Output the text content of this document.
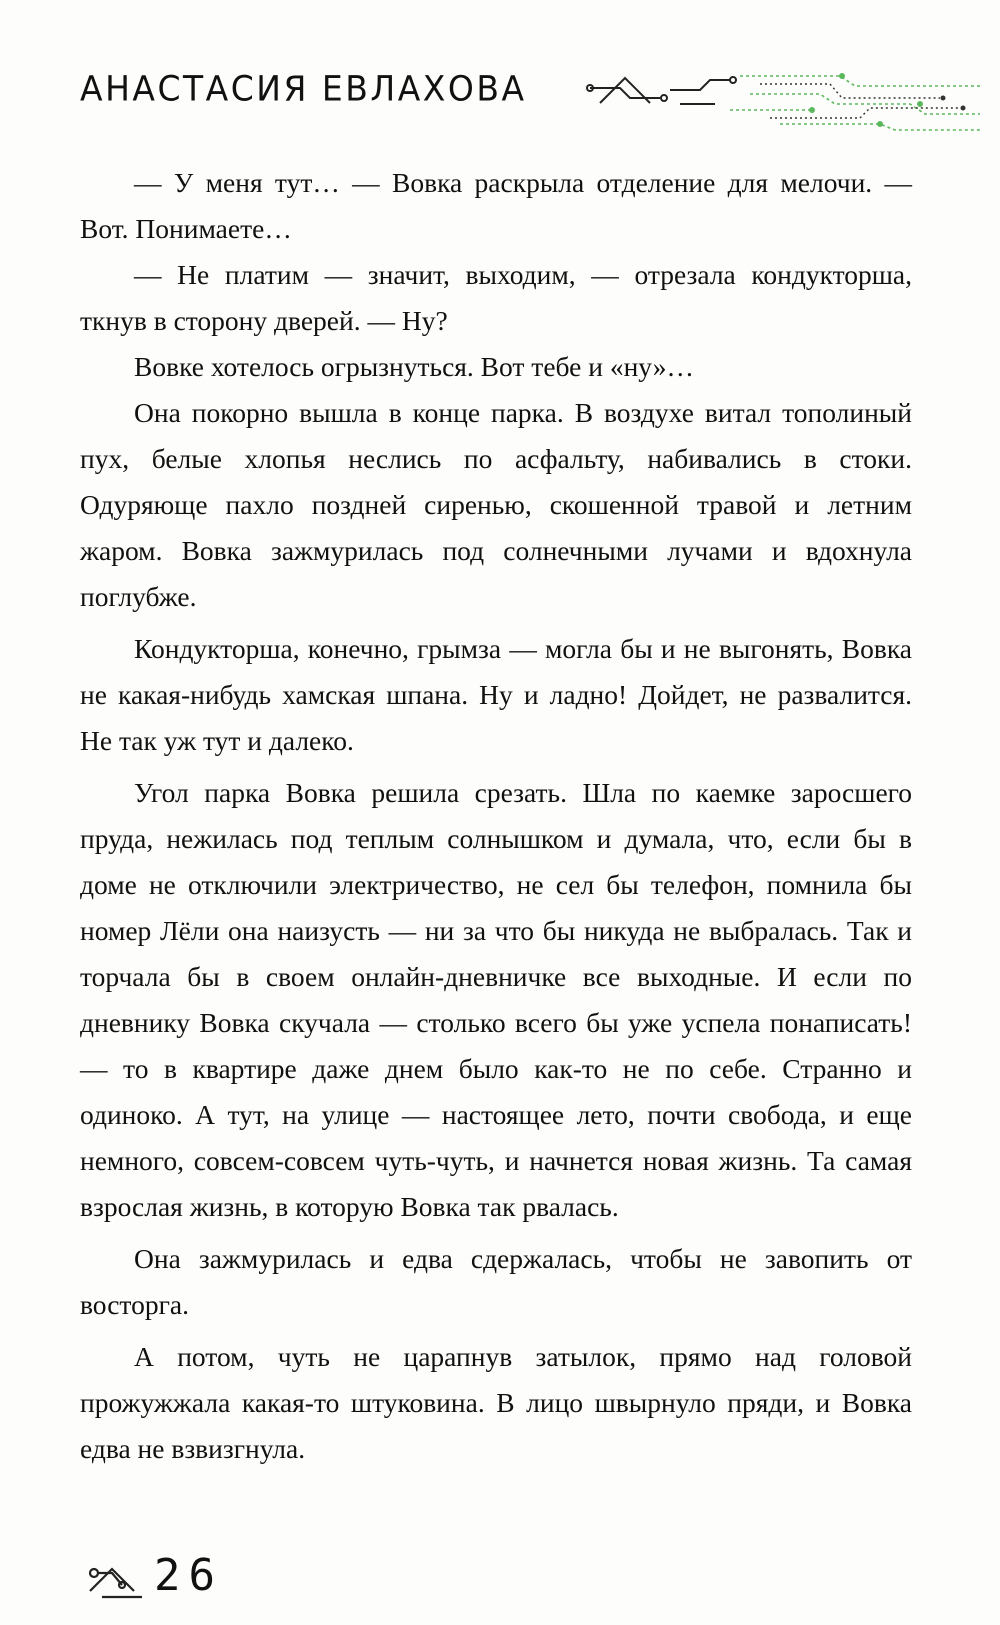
АНАСТАСИЯ ЕВЛАХОВА

— У меня тут… — Вовка раскрыла отделение для мелочи. — Вот. Понимаете…

— Не платим — значит, выходим, — отрезала кондукторша, ткнув в сторону дверей. — Ну?

Вовке хотелось огрызнуться. Вот тебе и «ну»…

Она покорно вышла в конце парка. В воздухе витал тополиный пух, белые хлопья неслись по асфальту, набивались в стоки. Одуряюще пахло поздней сиренью, скошенной травой и летним жаром. Вовка зажмурилась под солнечными лучами и вдохнула поглубже.

Кондукторша, конечно, грымза — могла бы и не выгонять, Вовка не какая-нибудь хамская шпана. Ну и ладно! Дойдет, не развалится. Не так уж тут и далеко.

Угол парка Вовка решила срезать. Шла по каемке заросшего пруда, нежилась под теплым солнышком и думала, что, если бы в доме не отключили электричество, не сел бы телефон, помнила бы номер Лёли она наизусть — ни за что бы никуда не выбралась. Так и торчала бы в своем онлайн-дневничке все выходные. И если по дневнику Вовка скучала — столько всего бы уже успела понаписать! — то в квартире даже днем было как-то не по себе. Странно и одиноко. А тут, на улице — настоящее лето, почти свобода, и еще немного, совсем-совсем чуть-чуть, и начнется новая жизнь. Та самая взрослая жизнь, в которую Вовка так рвалась.

Она зажмурилась и едва сдержалась, чтобы не завопить от восторга.

А потом, чуть не царапнув затылок, прямо над головой прожужжала какая-то штуковина. В лицо швырнуло пряди, и Вовка едва не взвизгнула.

26
